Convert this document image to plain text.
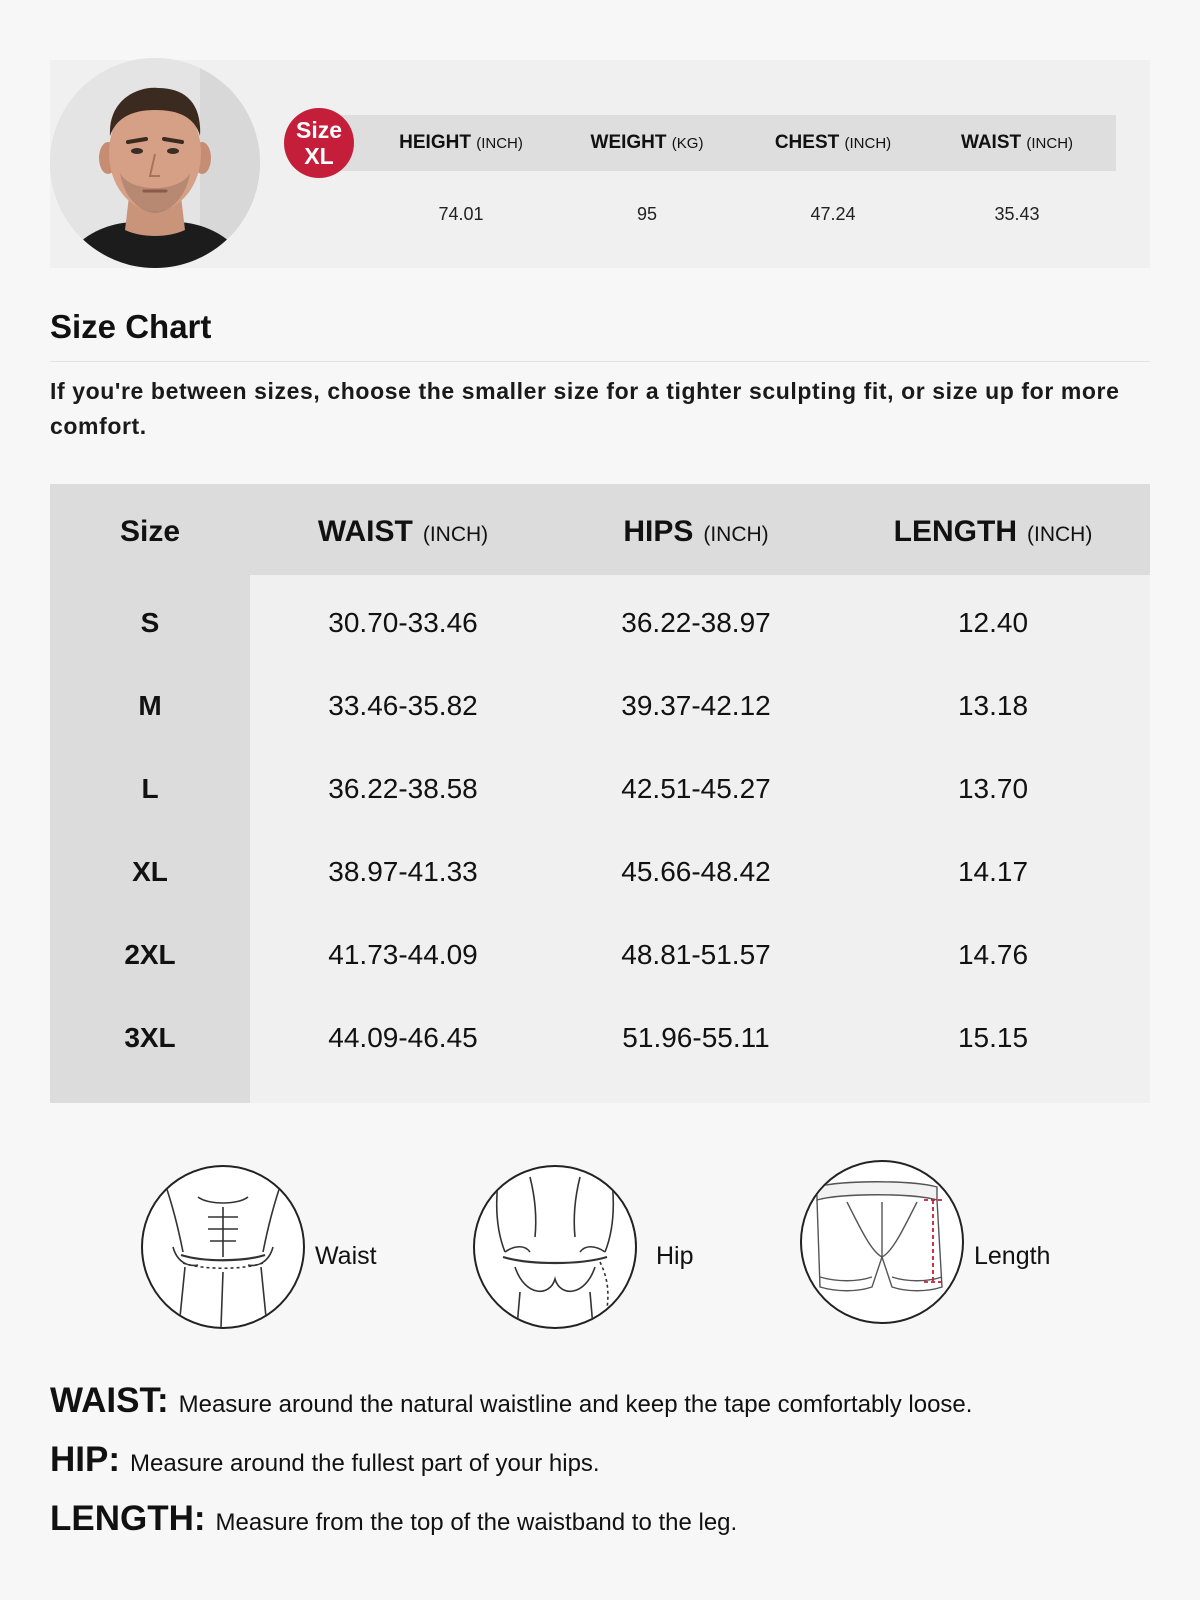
Size
XL
HEIGHT (INCH)	WEIGHT (KG)	CHEST (INCH)	WAIST (INCH)
74.01	95	47.24	35.43
Size Chart
If you're between sizes, choose the smaller size for a tighter sculpting fit, or size up for more comfort.
Size	WAIST (INCH)	HIPS (INCH)	LENGTH (INCH)
S	30.70-33.46	36.22-38.97	12.40
M	33.46-35.82	39.37-42.12	13.18
L	36.22-38.58	42.51-45.27	13.70
XL	38.97-41.33	45.66-48.42	14.17
2XL	41.73-44.09	48.81-51.57	14.76
3XL	44.09-46.45	51.96-55.11	15.15
Waist	Hip	Length
WAIST: Measure around the natural waistline and keep the tape comfortably loose.
HIP: Measure around the fullest part of your hips.
LENGTH: Measure from the top of the waistband to the leg.
